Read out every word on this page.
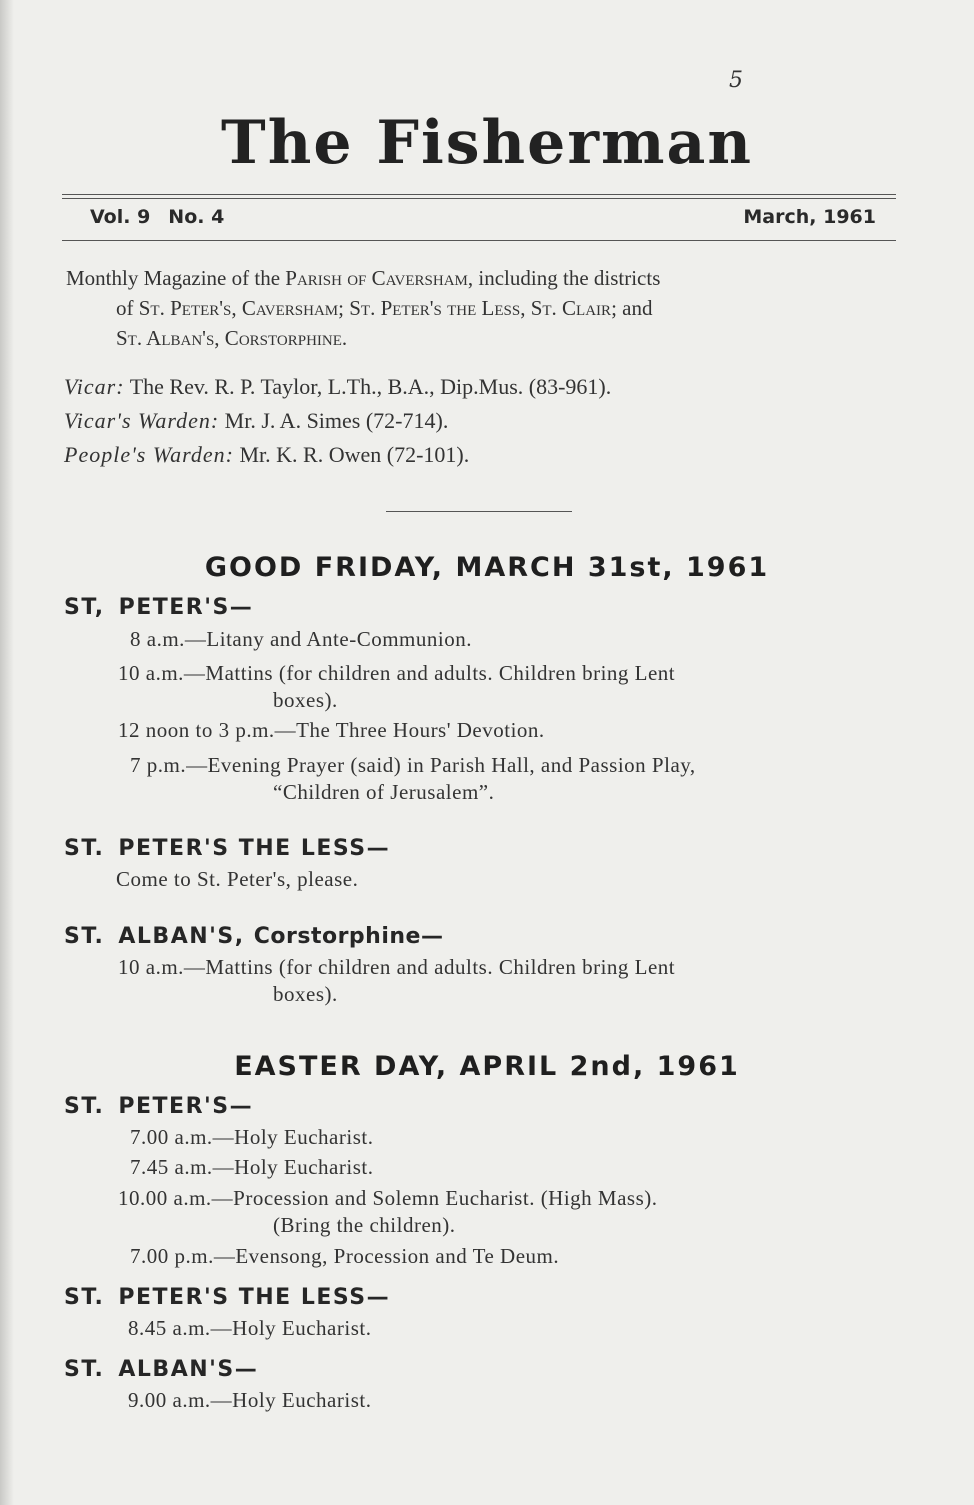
5
The Fisherman
Vol. 9 No. 4	March, 1961
Monthly Magazine of the Parish of Caversham, including the districts
of St. Peter's, Caversham; St. Peter's the Less, St. Clair; and
St. Alban's, Corstorphine.
Vicar: The Rev. R. P. Taylor, L.Th., B.A., Dip.Mus. (83-961).
Vicar's Warden: Mr. J. A. Simes (72-714).
People's Warden: Mr. K. R. Owen (72-101).
GOOD FRIDAY, MARCH 31st, 1961
ST, PETER'S—
8 a.m.—Litany and Ante-Communion.
10 a.m.—Mattins (for children and adults. Children bring Lent
boxes).
12 noon to 3 p.m.—The Three Hours' Devotion.
7 p.m.—Evening Prayer (said) in Parish Hall, and Passion Play,
“Children of Jerusalem”.
ST. PETER'S THE LESS—
Come to St. Peter's, please.
ST. ALBAN'S, Corstorphine—
10 a.m.—Mattins (for children and adults. Children bring Lent
boxes).
EASTER DAY, APRIL 2nd, 1961
ST. PETER'S—
7.00 a.m.—Holy Eucharist.
7.45 a.m.—Holy Eucharist.
10.00 a.m.—Procession and Solemn Eucharist. (High Mass).
(Bring the children).
7.00 p.m.—Evensong, Procession and Te Deum.
ST. PETER'S THE LESS—
8.45 a.m.—Holy Eucharist.
ST. ALBAN'S—
9.00 a.m.—Holy Eucharist.
